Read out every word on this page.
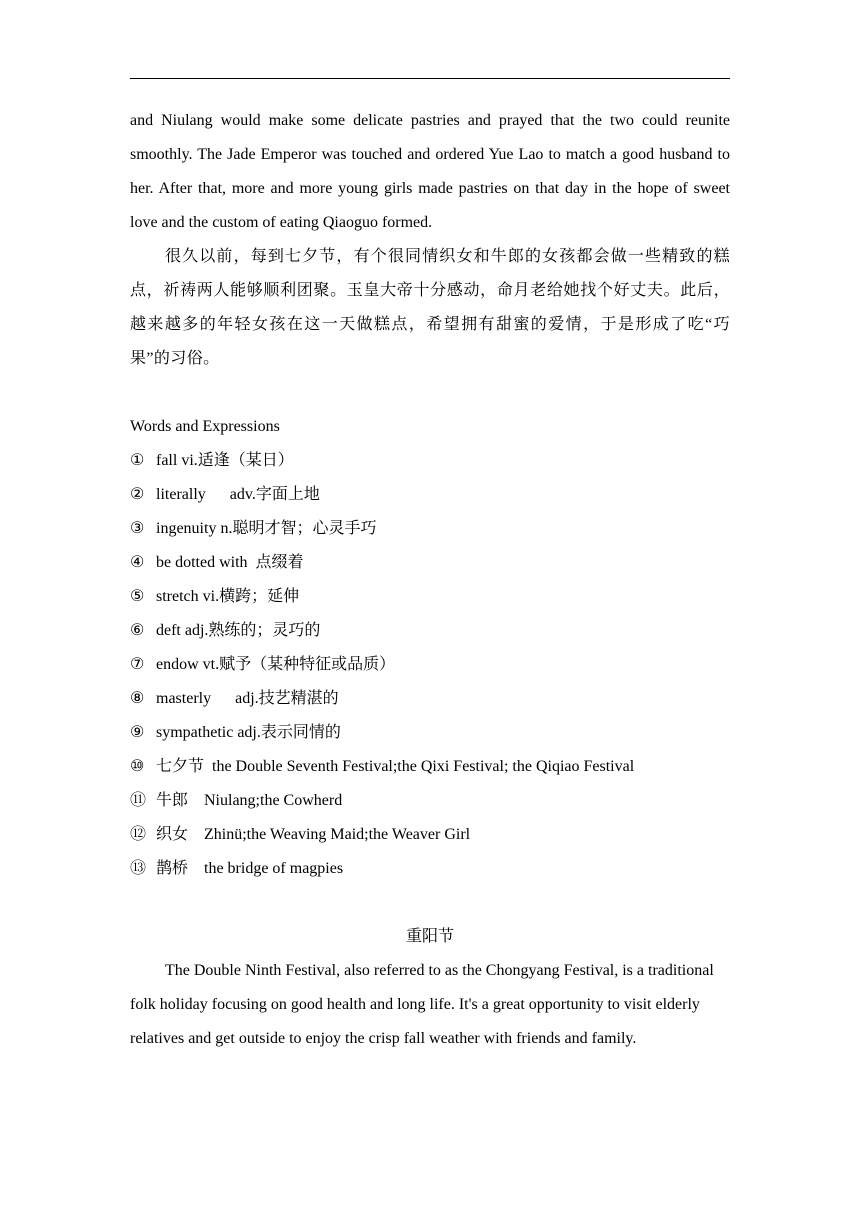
and Niulang would make some delicate pastries and prayed that the two could reunite smoothly. The Jade Emperor was touched and ordered Yue Lao to match a good husband to her. After that, more and more young girls made pastries on that day in the hope of sweet love and the custom of eating Qiaoguo formed.

很久以前，每到七夕节，有个很同情织女和牛郎的女孩都会做一些精致的糕点，祈祷两人能够顺利团聚。玉皇大帝十分感动，命月老给她找个好丈夫。此后，越来越多的年轻女孩在这一天做糕点，希望拥有甜蜜的爱情，于是形成了吃“巧果”的习俗。

Words and Expressions

① fall vi.适逢（某日）
② literally      adv.字面上地
③ ingenuity n.聪明才智；心灵手巧
④ be dotted with  点缀着
⑤ stretch vi.横跨；延伸
⑥ deft adj.熟练的；灵巧的
⑦ endow vt.赋予（某种特征或品质）
⑧ masterly      adj.技艺精湛的
⑨ sympathetic adj.表示同情的
⑩ 七夕节  the Double Seventh Festival;the Qixi Festival; the Qiqiao Festival
⑪ 牛郎    Niulang;the Cowherd
⑫ 织女    Zhinü;the Weaving Maid;the Weaver Girl
⑬ 鹊桥    the bridge of magpies

重阳节

The Double Ninth Festival, also referred to as the Chongyang Festival, is a traditional folk holiday focusing on good health and long life. It's a great opportunity to visit elderly relatives and get outside to enjoy the crisp fall weather with friends and family.
